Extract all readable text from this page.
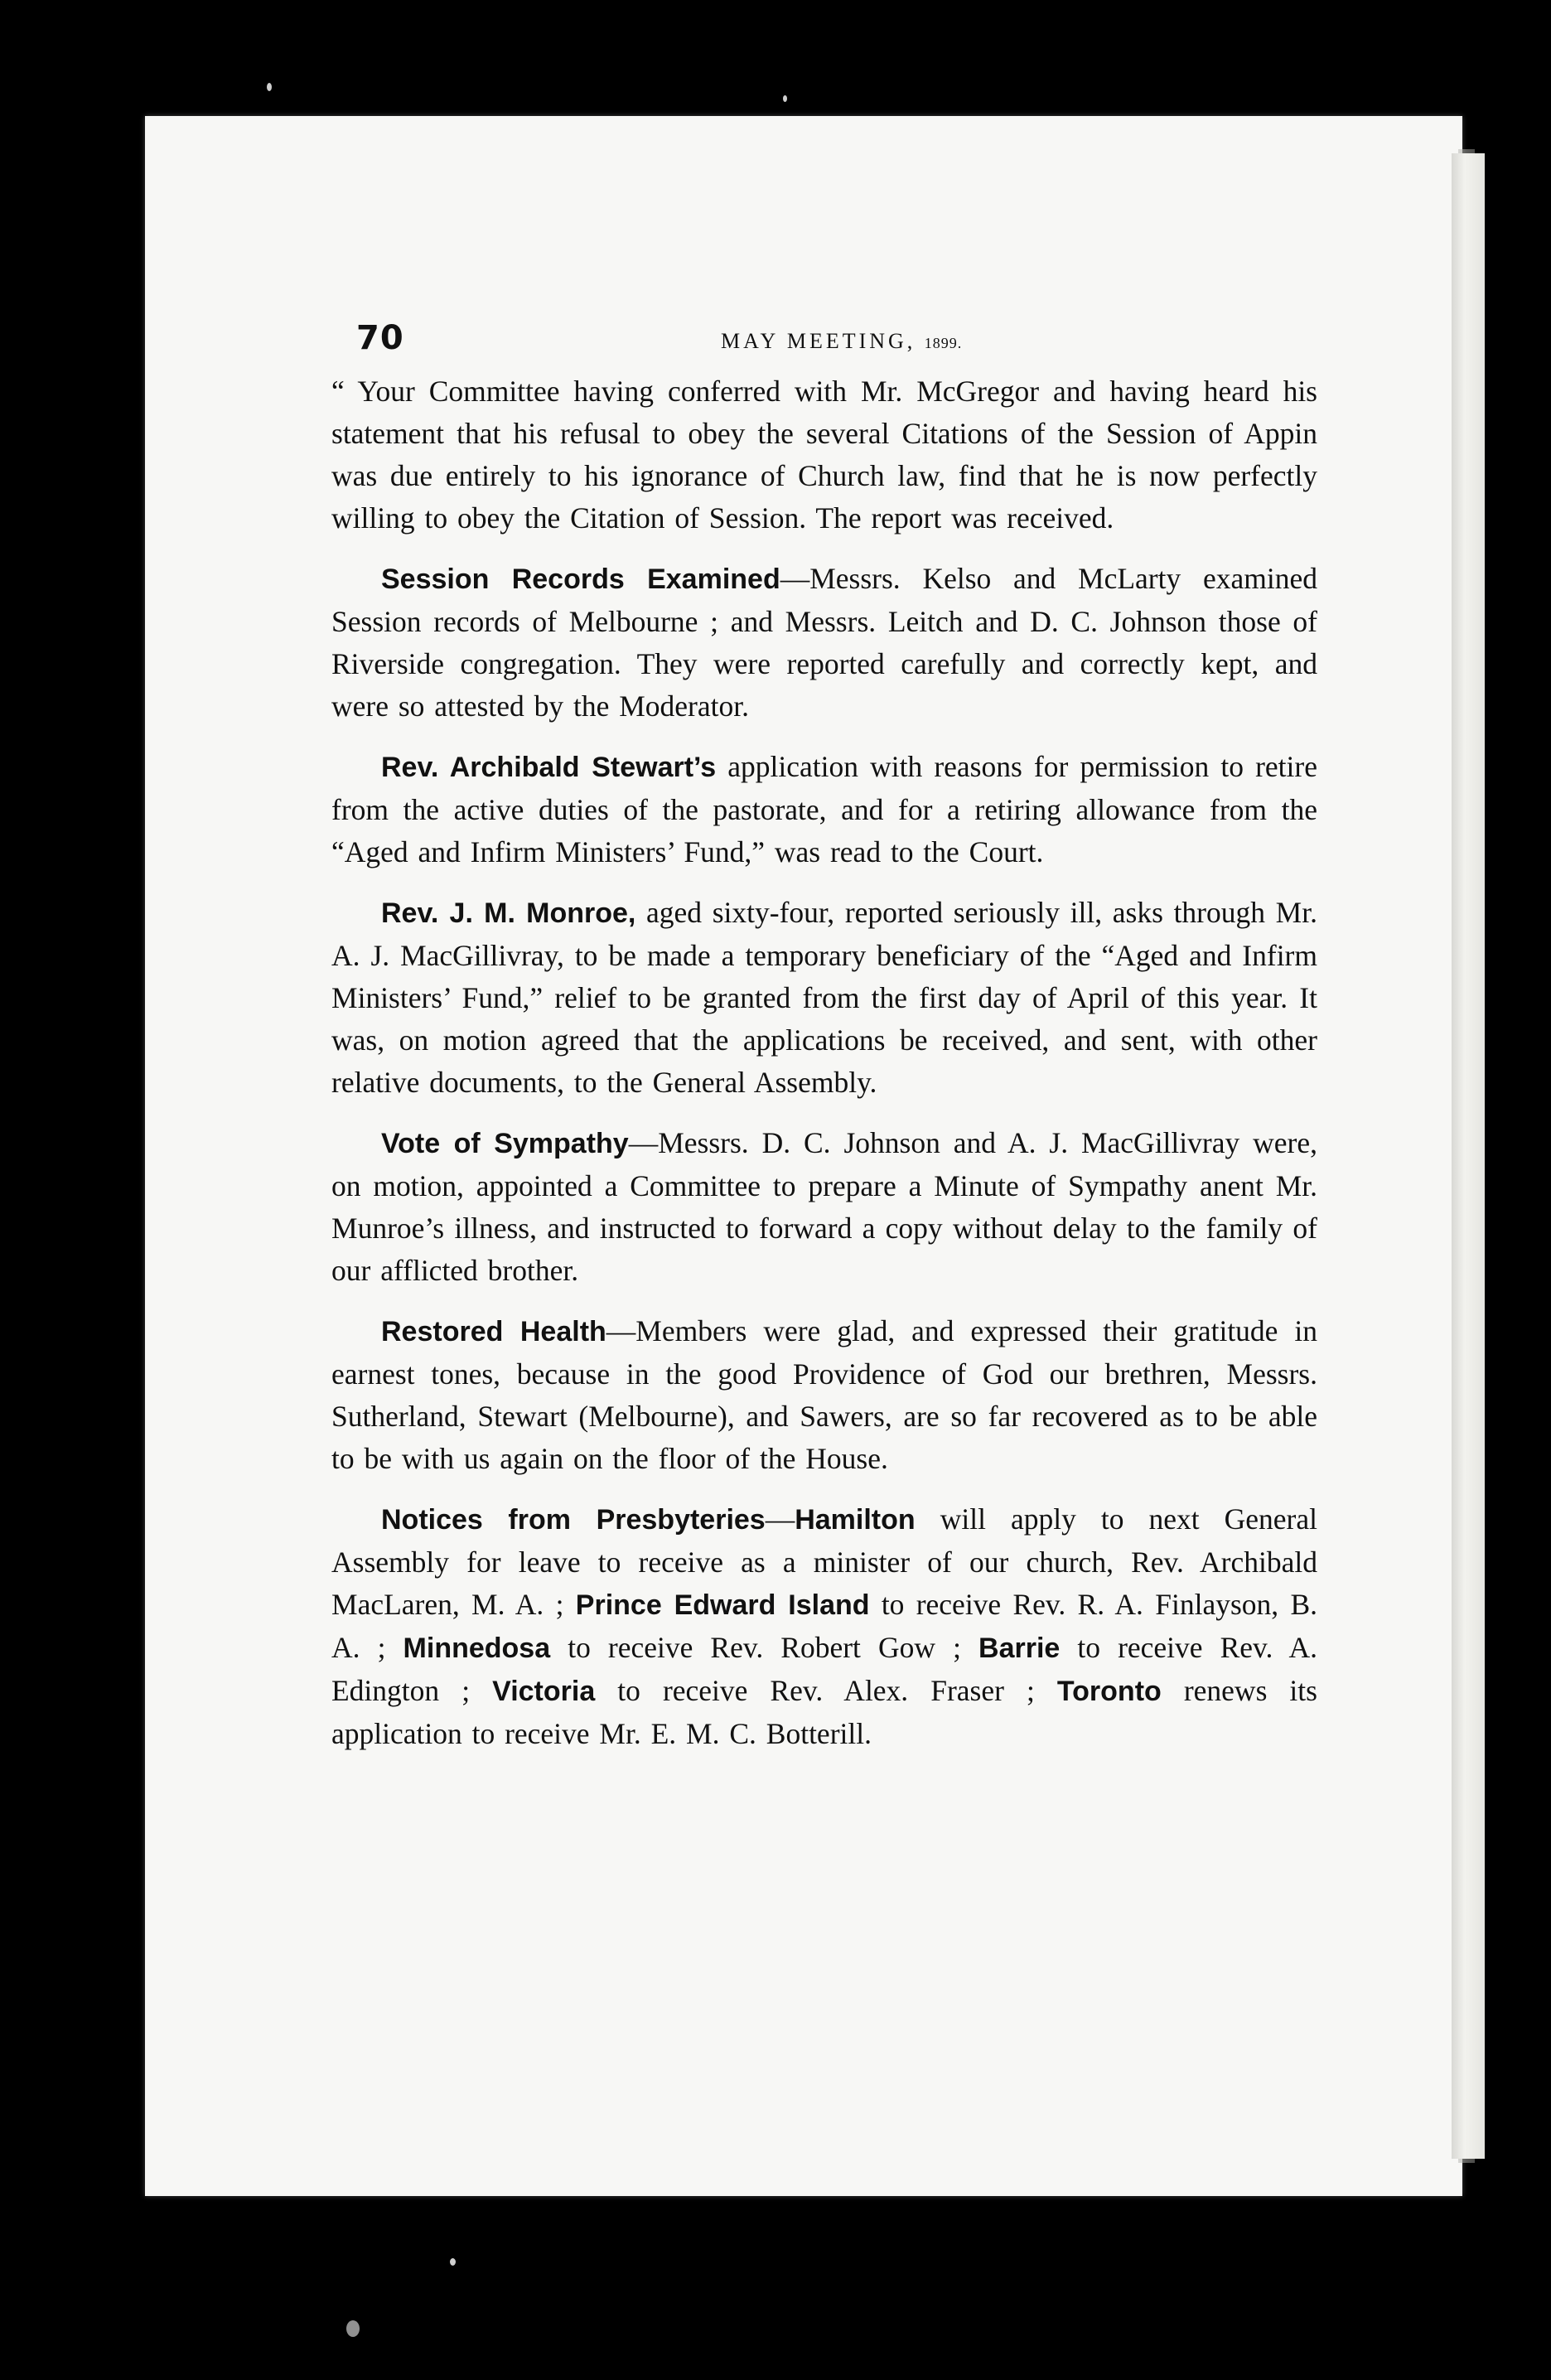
70	MAY MEETING, 1899.

“ Your Committee having conferred with Mr. McGregor and having heard his statement that his refusal to obey the several Citations of the Session of Appin was due entirely to his ignorance of Church law, find that he is now perfectly willing to obey the Citation of Session. The report was received.

Session Records Examined—Messrs. Kelso and McLarty examined Session records of Melbourne ; and Messrs. Leitch and D. C. Johnson those of Riverside congregation. They were reported carefully and correctly kept, and were so attested by the Moderator.

Rev. Archibald Stewart’s application with reasons for permission to retire from the active duties of the pastorate, and for a retiring allowance from the “Aged and Infirm Ministers’ Fund,” was read to the Court.

Rev. J. M. Monroe, aged sixty-four, reported seriously ill, asks through Mr. A. J. MacGillivray, to be made a temporary beneficiary of the “Aged and Infirm Ministers’ Fund,” relief to be granted from the first day of April of this year. It was, on motion agreed that the applications be received, and sent, with other relative documents, to the General Assembly.

Vote of Sympathy—Messrs. D. C. Johnson and A. J. MacGillivray were, on motion, appointed a Committee to prepare a Minute of Sympathy anent Mr. Munroe’s illness, and instructed to forward a copy without delay to the family of our afflicted brother.

Restored Health—Members were glad, and expressed their gratitude in earnest tones, because in the good Providence of God our brethren, Messrs. Sutherland, Stewart (Melbourne), and Sawers, are so far recovered as to be able to be with us again on the floor of the House.

Notices from Presbyteries—Hamilton will apply to next General Assembly for leave to receive as a minister of our church, Rev. Archibald MacLaren, M. A. ; Prince Edward Island to receive Rev. R. A. Finlayson, B. A. ; Minnedosa to receive Rev. Robert Gow ; Barrie to receive Rev. A. Edington ; Victoria to receive Rev. Alex. Fraser ; Toronto renews its application to receive Mr. E. M. C. Botterill.
